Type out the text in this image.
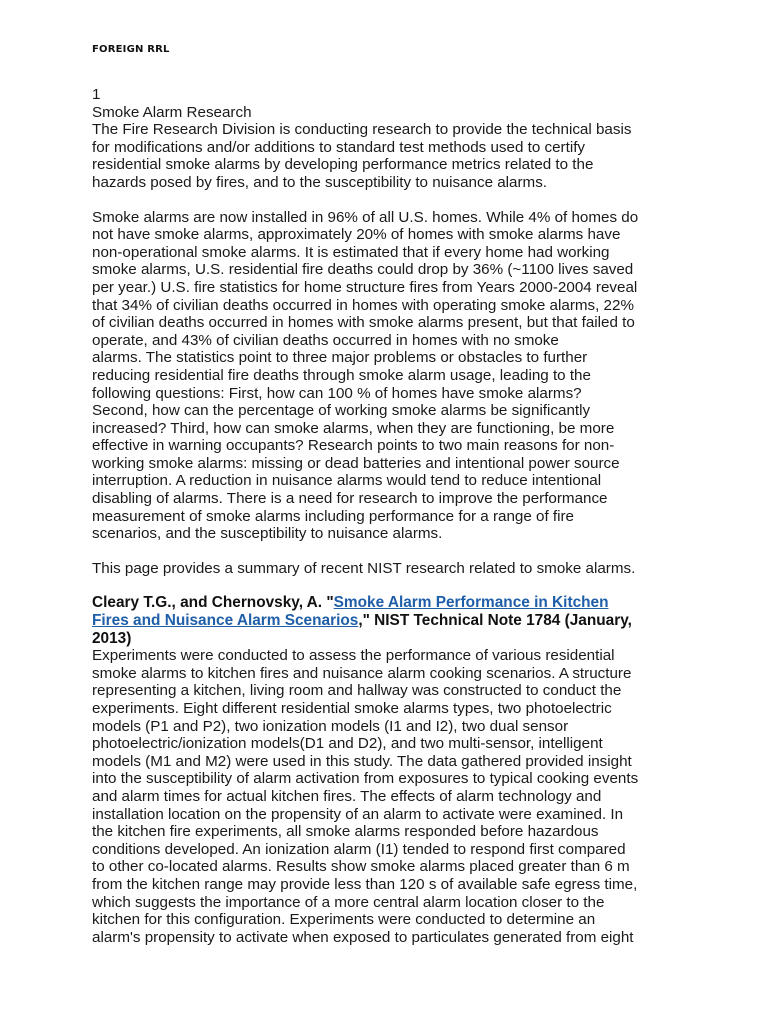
FOREIGN RRL
1
Smoke Alarm Research
The Fire Research Division is conducting research to provide the technical basis
for modifications and/or additions to standard test methods used to certify
residential smoke alarms by developing performance metrics related to the
hazards posed by fires, and to the susceptibility to nuisance alarms.
Smoke alarms are now installed in 96% of all U.S. homes. While 4% of homes do
not have smoke alarms, approximately 20% of homes with smoke alarms have
non-operational smoke alarms. It is estimated that if every home had working
smoke alarms, U.S. residential fire deaths could drop by 36% (~1100 lives saved
per year.) U.S. fire statistics for home structure fires from Years 2000-2004 reveal
that 34% of civilian deaths occurred in homes with operating smoke alarms, 22%
of civilian deaths occurred in homes with smoke alarms present, but that failed to
operate, and 43% of civilian deaths occurred in homes with no smoke
alarms. The statistics point to three major problems or obstacles to further
reducing residential fire deaths through smoke alarm usage, leading to the
following questions: First, how can 100 % of homes have smoke alarms?
Second, how can the percentage of working smoke alarms be significantly
increased? Third, how can smoke alarms, when they are functioning, be more
effective in warning occupants? Research points to two main reasons for non-
working smoke alarms: missing or dead batteries and intentional power source
interruption. A reduction in nuisance alarms would tend to reduce intentional
disabling of alarms. There is a need for research to improve the performance
measurement of smoke alarms including performance for a range of fire
scenarios, and the susceptibility to nuisance alarms.
This page provides a summary of recent NIST research related to smoke alarms.
Cleary T.G., and Chernovsky, A. "Smoke Alarm Performance in Kitchen
Fires and Nuisance Alarm Scenarios," NIST Technical Note 1784 (January,
2013)
Experiments were conducted to assess the performance of various residential
smoke alarms to kitchen fires and nuisance alarm cooking scenarios. A structure
representing a kitchen, living room and hallway was constructed to conduct the
experiments. Eight different residential smoke alarms types, two photoelectric
models (P1 and P2), two ionization models (I1 and I2), two dual sensor
photoelectric/ionization models(D1 and D2), and two multi-sensor, intelligent
models (M1 and M2) were used in this study. The data gathered provided insight
into the susceptibility of alarm activation from exposures to typical cooking events
and alarm times for actual kitchen fires. The effects of alarm technology and
installation location on the propensity of an alarm to activate were examined. In
the kitchen fire experiments, all smoke alarms responded before hazardous
conditions developed. An ionization alarm (I1) tended to respond first compared
to other co-located alarms. Results show smoke alarms placed greater than 6 m
from the kitchen range may provide less than 120 s of available safe egress time,
which suggests the importance of a more central alarm location closer to the
kitchen for this configuration. Experiments were conducted to determine an
alarm's propensity to activate when exposed to particulates generated from eight
